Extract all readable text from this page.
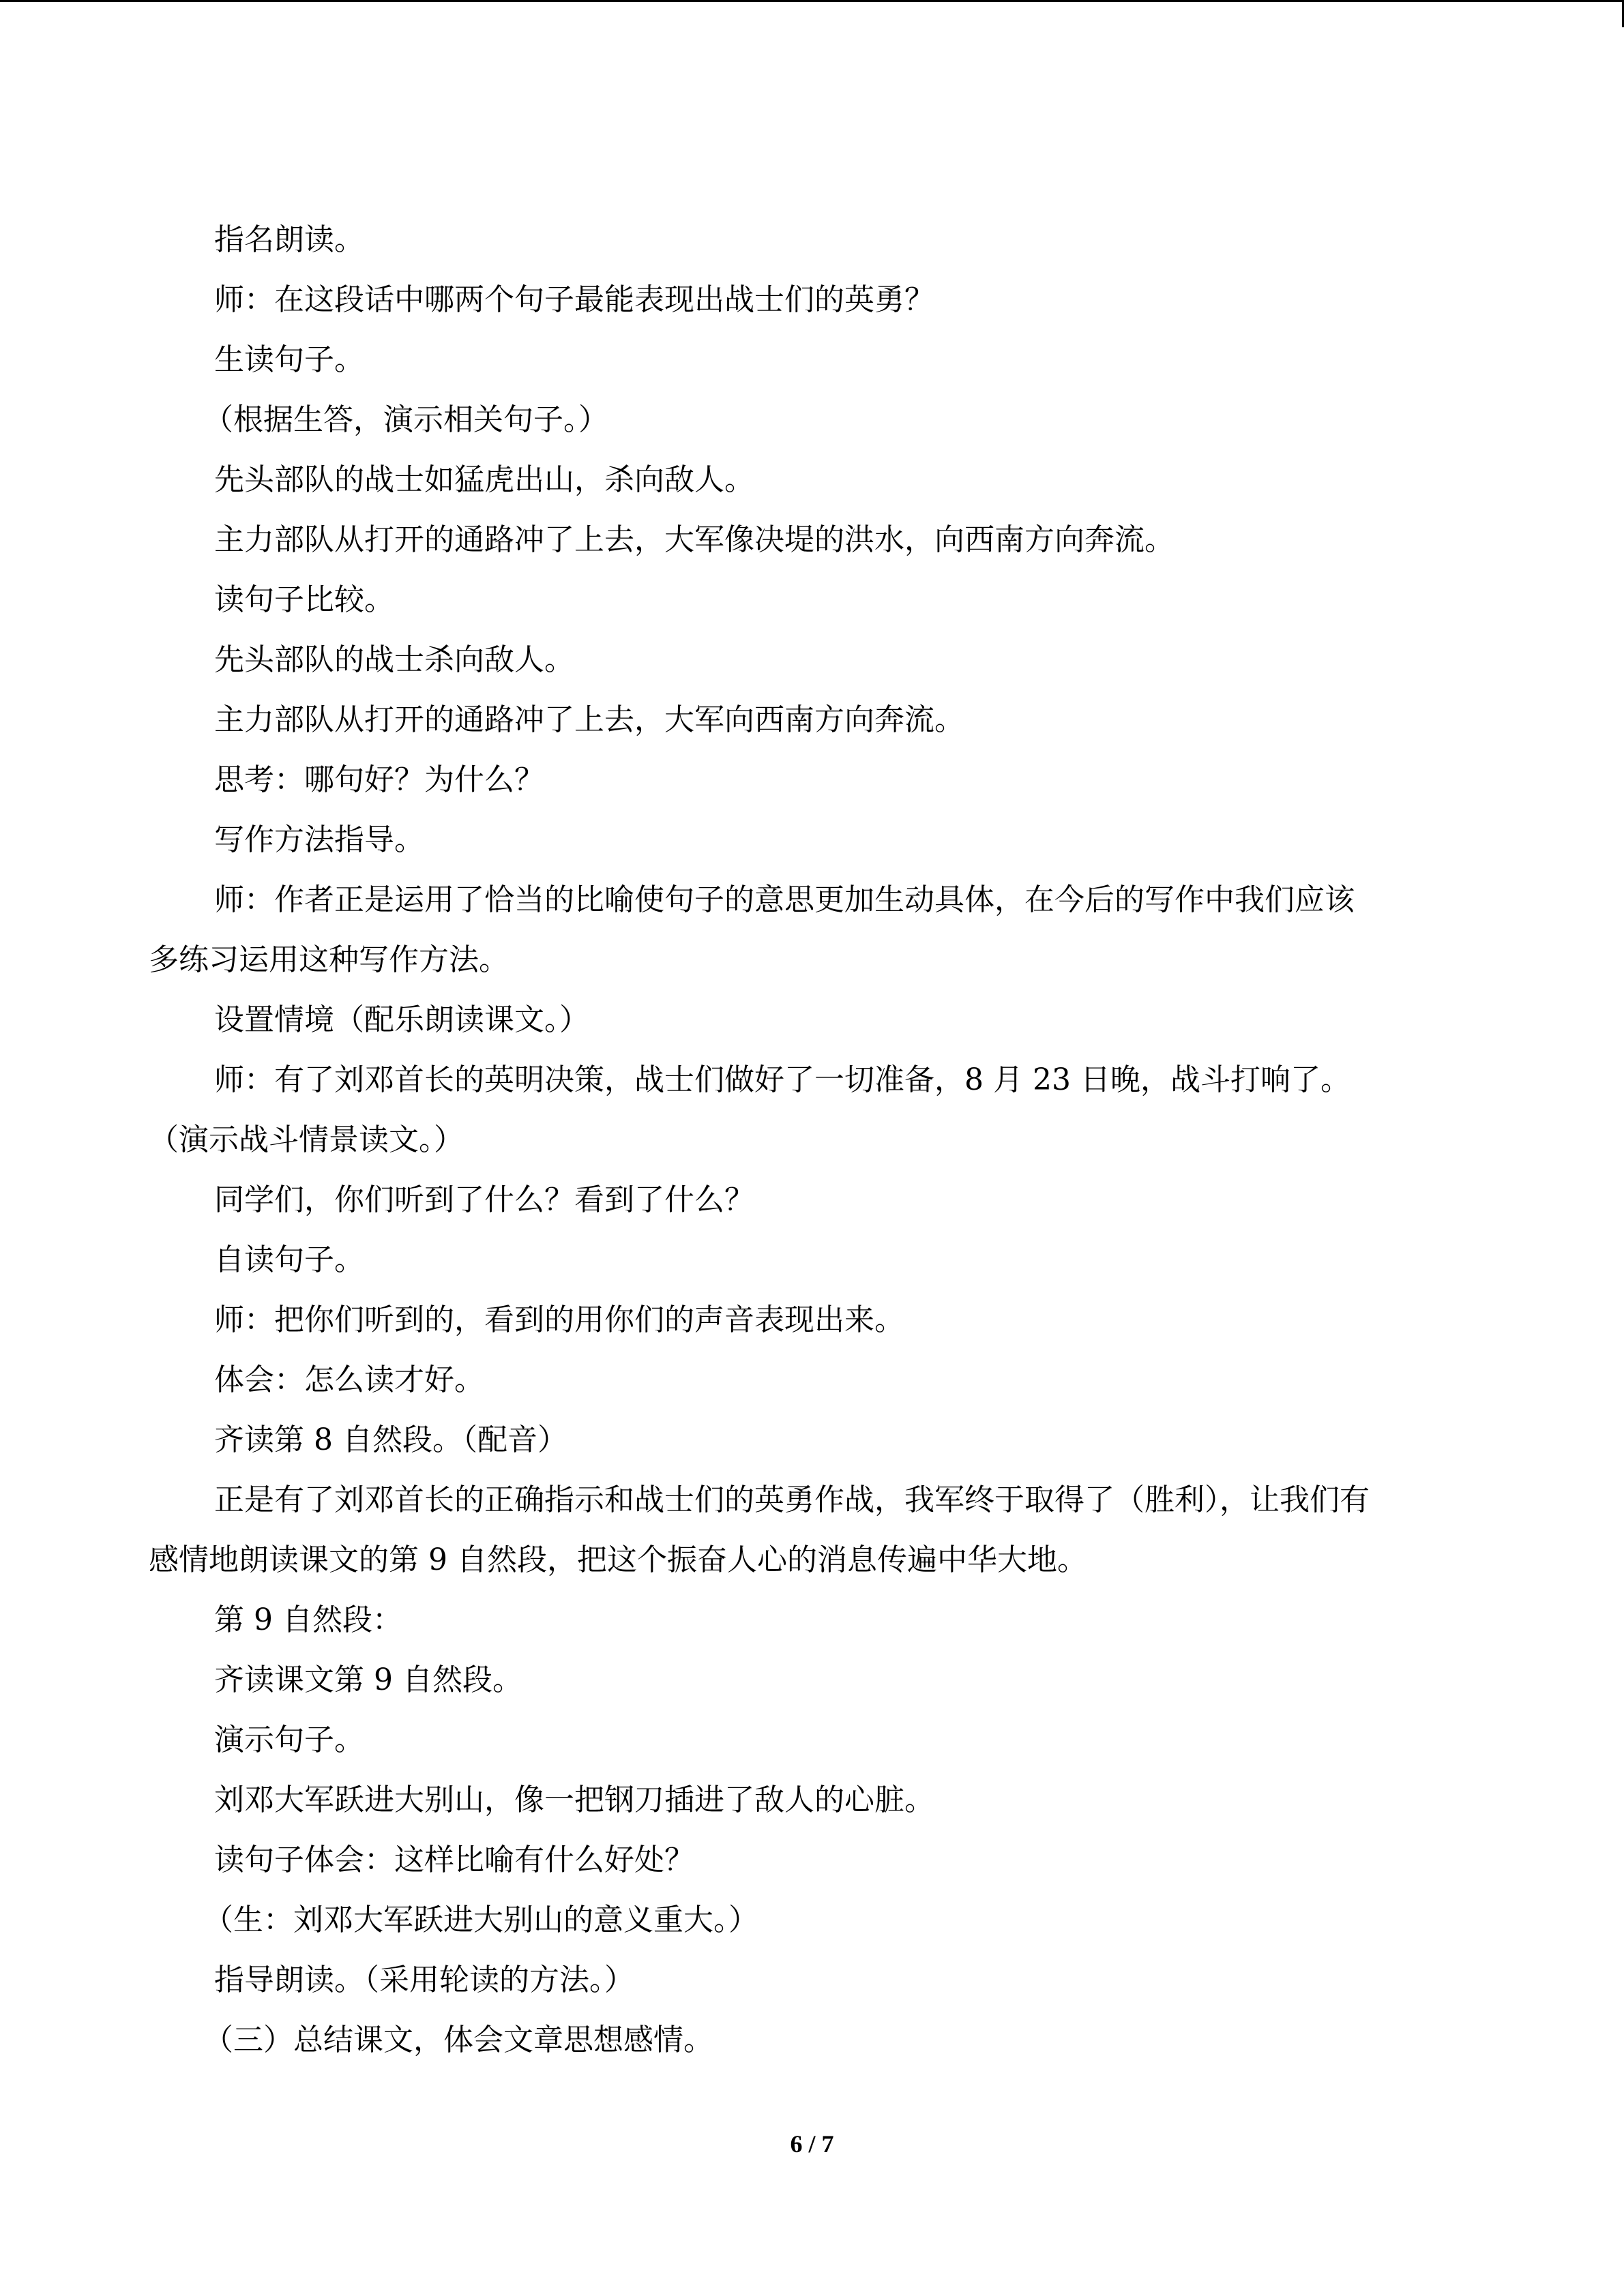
指名朗读。
师：在这段话中哪两个句子最能表现出战士们的英勇？
生读句子。
（根据生答，演示相关句子。）
先头部队的战士如猛虎出山，杀向敌人。
主力部队从打开的通路冲了上去，大军像决堤的洪水，向西南方向奔流。
读句子比较。
先头部队的战士杀向敌人。
主力部队从打开的通路冲了上去，大军向西南方向奔流。
思考：哪句好？为什么？
写作方法指导。
师：作者正是运用了恰当的比喻使句子的意思更加生动具体，在今后的写作中我们应该
多练习运用这种写作方法。
设置情境（配乐朗读课文。）
师：有了刘邓首长的英明决策，战士们做好了一切准备，8 月 23 日晚，战斗打响了。
（演示战斗情景读文。）
同学们，你们听到了什么？看到了什么？
自读句子。
师：把你们听到的，看到的用你们的声音表现出来。
体会：怎么读才好。
齐读第 8 自然段。（配音）
正是有了刘邓首长的正确指示和战士们的英勇作战，我军终于取得了（胜利），让我们有
感情地朗读课文的第 9 自然段，把这个振奋人心的消息传遍中华大地。
第 9 自然段：
齐读课文第 9 自然段。
演示句子。
刘邓大军跃进大别山，像一把钢刀插进了敌人的心脏。
读句子体会：这样比喻有什么好处？
（生：刘邓大军跃进大别山的意义重大。）
指导朗读。（采用轮读的方法。）
（三）总结课文，体会文章思想感情。
6 / 7
